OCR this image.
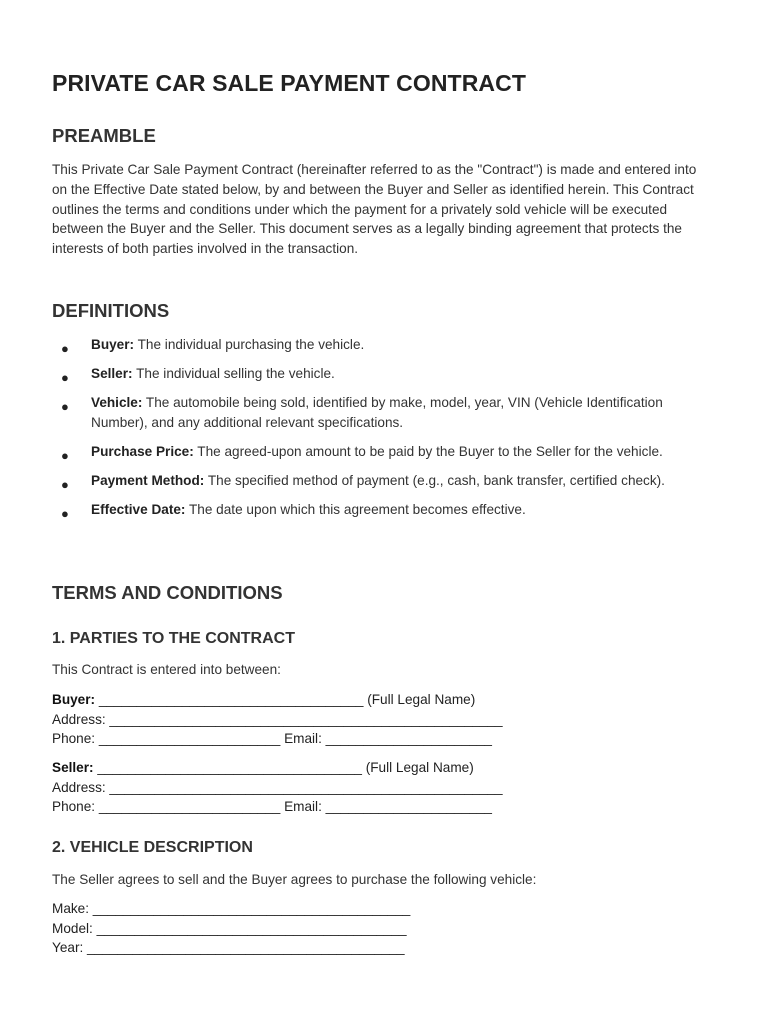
PRIVATE CAR SALE PAYMENT CONTRACT
PREAMBLE

This Private Car Sale Payment Contract (hereinafter referred to as the "Contract") is made and entered into on the Effective Date stated below, by and between the Buyer and Seller as identified herein. This Contract outlines the terms and conditions under which the payment for a privately sold vehicle will be executed between the Buyer and the Seller. This document serves as a legally binding agreement that protects the interests of both parties involved in the transaction.

DEFINITIONS
● Buyer: The individual purchasing the vehicle.
● Seller: The individual selling the vehicle.
● Vehicle: The automobile being sold, identified by make, model, year, VIN (Vehicle Identification Number), and any additional relevant specifications.
● Purchase Price: The agreed-upon amount to be paid by the Buyer to the Seller for the vehicle.
● Payment Method: The specified method of payment (e.g., cash, bank transfer, certified check).
● Effective Date: The date upon which this agreement becomes effective.
TERMS AND CONDITIONS
1. PARTIES TO THE CONTRACT

This Contract is entered into between:

Buyer: ___________________________________ (Full Legal Name)
Address: ____________________________________________________
Phone: ________________________ Email: ______________________
Seller: ___________________________________ (Full Legal Name)
Address: ____________________________________________________
Phone: ________________________ Email: ______________________
2. VEHICLE DESCRIPTION

The Seller agrees to sell and the Buyer agrees to purchase the following vehicle:

Make: __________________________________________
Model: _________________________________________
Year: __________________________________________
